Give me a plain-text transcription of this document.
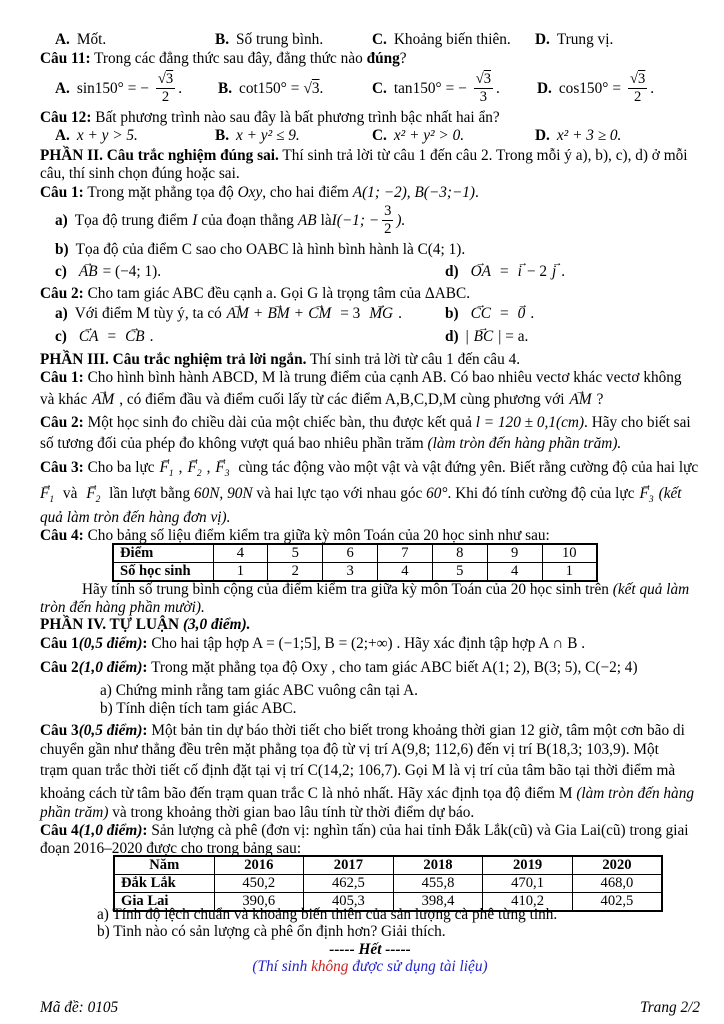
A. Mốt.	B. Số trung bình.	C. Khoảng biến thiên. D. Trung vị.
Câu 11: Trong các đẳng thức sau đây, đẳng thức nào đúng?
A. sin150° = − $\frac{√3}{2}$ . B. cot150° = √ 3 .	C. tan150° = − $\frac{√3}{3}$ . D. $\cos 150^\circ = \frac{√3}{2}$ .
Câu 12: Bất phương trình nào sau đây là bất phương trình bậc nhất hai ẩn?
A. x + y > 5.	B. x + y² ≤ 9.	C. x² + y² > 0.	D. x² + 3 ≥ 0.
PHẦN II. Câu trắc nghiệm đúng sai. Thí sinh trả lời từ câu 1 đến câu 2. Trong mỗi ý a), b), c), d) ở mỗi
câu, thí sinh chọn đúng hoặc sai.
Câu 1: Trong mặt phẳng tọa độ Oxy, cho hai điểm A(1; −2), B(−3;−1).
a) Tọa độ trung điểm I của đoạn thẳng AB là I(−1; − $\frac{3}{2}$ ).
b) Tọa độ của điểm C sao cho OABC là hình bình hành là C(4; 1).
c) AB → = (−4; 1).	d) OA → = i → − 2 j → .
Câu 2: Cho tam giác ABC đều cạnh a. Gọi G là trọng tâm của ΔABC.
a) Với điểm M tùy ý, ta có AM → + BM → + CM → = 3 MG → .	b) CC → = 0 → .
c) CA → = CB → .	d) | BC → | = a.
PHẦN III. Câu trắc nghiệm trả lời ngắn. Thí sinh trả lời từ câu 1 đến câu 4.
Câu 1: Cho hình bình hành ABCD, M là trung điểm của cạnh AB. Có bao nhiêu vectơ khác vectơ không
và khác AM → , có điểm đầu và điểm cuối lấy từ các điểm A,B,C,D,M cùng phương với AM → ?
Câu 2: Một học sinh đo chiều dài của một chiếc bàn, thu được kết quả l = 120 ± 0,1(cm). Hãy cho biết sai
số tương đối của phép đo không vượt quá bao nhiêu phần trăm (làm tròn đến hàng phần trăm).
Câu 3: Cho ba lực $F_1$ → , $F_2$ → , $F_3$ → cùng tác động vào một vật và vật đứng yên. Biết rằng cường độ của hai lực
$F_1$ → và $F_2$ → lần lượt bằng 60N, 90N và hai lực tạo với nhau góc 60°. Khi đó tính cường độ của lực $F_3$ → (kết
quả làm tròn đến hàng đơn vị).
Câu 4: Cho bảng số liệu điểm kiểm tra giữa kỳ môn Toán của 20 học sinh như sau:
Điểm	4	5	6	7	8	9	10
Số học sinh	1	2	3	4	5	4	1
Hãy tính số trung bình cộng của điểm kiểm tra giữa kỳ môn Toán của 20 học sinh trên (kết quả làm
tròn đến hàng phần mười).
PHẦN IV. TỰ LUẬN (3,0 điểm).
Câu 1(0,5 điểm): Cho hai tập hợp A = (−1;5], B = (2;+∞) . Hãy xác định tập hợp A ∩ B .
Câu 2(1,0 điểm): Trong mặt phẳng tọa độ Oxy , cho tam giác ABC biết A(1; 2), B(3; 5), C(−2; 4)
a) Chứng minh rằng tam giác ABC vuông cân tại A.
b) Tính diện tích tam giác ABC.
Câu 3(0,5 điểm): Một bản tin dự báo thời tiết cho biết trong khoảng thời gian 12 giờ, tâm một cơn bão di
chuyển gần như thẳng đều trên mặt phẳng tọa độ từ vị trí A(9,8; 112,6) đến vị trí B(18,3; 103,9). Một
trạm quan trắc thời tiết cố định đặt tại vị trí C(14,2; 106,7). Gọi M là vị trí của tâm bão tại thời điểm mà
khoảng cách từ tâm bão đến trạm quan trắc C là nhỏ nhất. Hãy xác định tọa độ điểm M (làm tròn đến hàng
phần trăm) và trong khoảng thời gian bao lâu tính từ thời điểm dự báo.
Câu 4(1,0 điểm): Sản lượng cà phê (đơn vị: nghìn tấn) của hai tỉnh Đắk Lắk(cũ) và Gia Lai(cũ) trong giai
đoạn 2016–2020 được cho trong bảng sau:
Năm	2016	2017	2018	2019	2020
Đắk Lắk	450,2	462,5	455,8	470,1	468,0
Gia Lai	390,6	405,3	398,4	410,2	402,5
a) Tính độ lệch chuẩn và khoảng biến thiên của sản lượng cà phê từng tinh.
b) Tinh nào có sản lượng cà phê ổn định hơn? Giải thích.
----- Hết -----
(Thí sinh không được sử dụng tài liệu)
Mã đề: 0105	Trang 2/2
